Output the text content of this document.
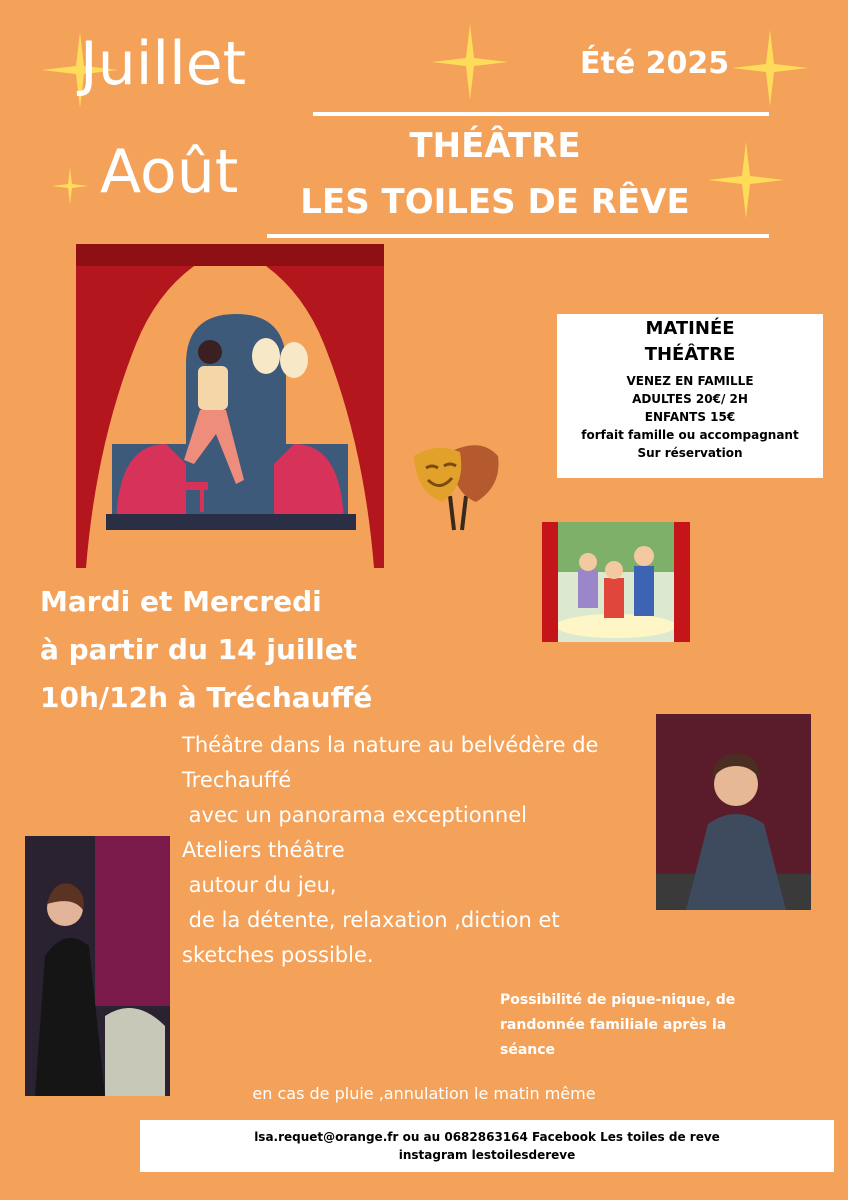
Juillet
Août
Été 2025
THÉÂTRE
LES TOILES DE RÊVE
MATINÉE
THÉÂTRE
VENEZ EN FAMILLE
ADULTES 20€/ 2H
ENFANTS 15€
forfait famille ou accompagnant
Sur réservation
Mardi et Mercredi
à partir du 14 juillet
10h/12h à Tréchauffé
Théâtre dans la nature au belvédère de
Trechauffé
avec un panorama exceptionnel
Ateliers théâtre
autour du jeu,
de la détente, relaxation ,diction et
sketches possible.
Possibilité de pique-nique, de
randonnée familiale après la
séance
en cas de pluie ,annulation le matin même
lsa.requet@orange.fr ou au 0682863164 Facebook Les toiles de reve
instagram lestoilesdereve
